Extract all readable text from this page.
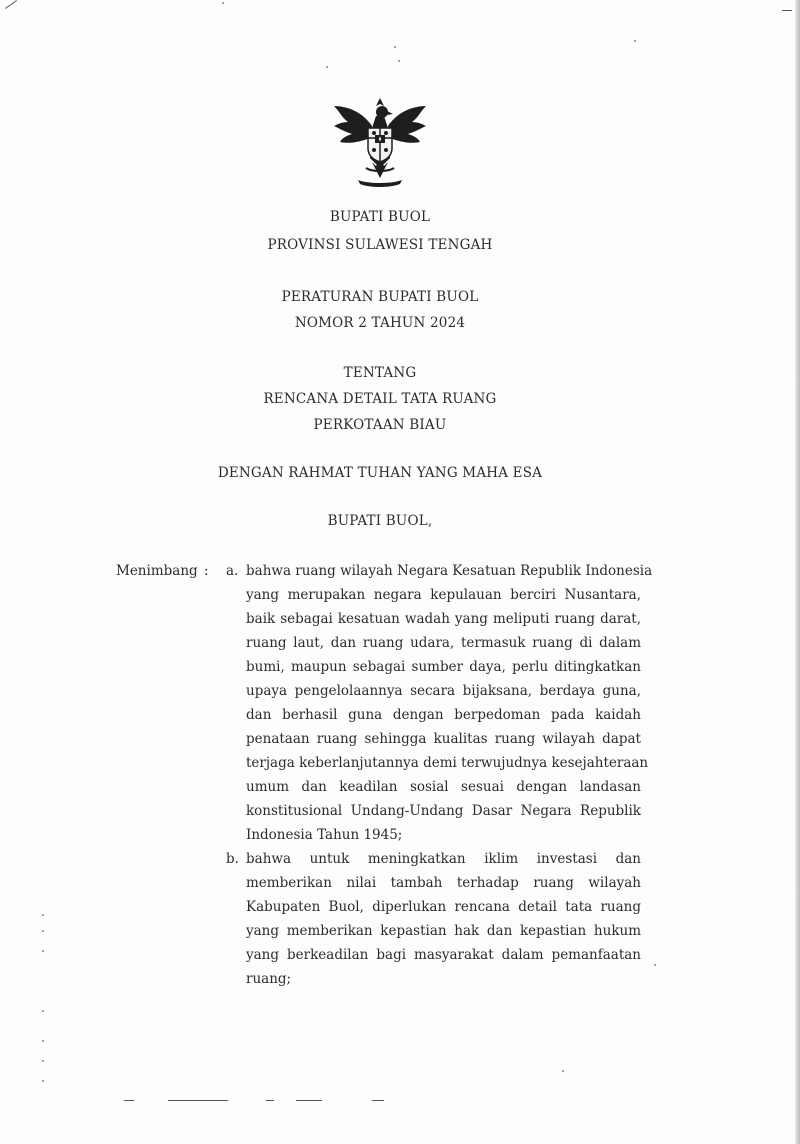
BUPATI BUOL
PROVINSI SULAWESI TENGAH
PERATURAN BUPATI BUOL
NOMOR 2 TAHUN 2024
TENTANG
RENCANA DETAIL TATA RUANG
PERKOTAAN BIAU
DENGAN RAHMAT TUHAN YANG MAHA ESA
BUPATI BUOL,
Menimbang : a. bahwa ruang wilayah Negara Kesatuan Republik Indonesia
yang merupakan negara kepulauan berciri Nusantara,
baik sebagai kesatuan wadah yang meliputi ruang darat,
ruang laut, dan ruang udara, termasuk ruang di dalam
bumi, maupun sebagai sumber daya, perlu ditingkatkan
upaya pengelolaannya secara bijaksana, berdaya guna,
dan berhasil guna dengan berpedoman pada kaidah
penataan ruang sehingga kualitas ruang wilayah dapat
terjaga keberlanjutannya demi terwujudnya kesejahteraan
umum dan keadilan sosial sesuai dengan landasan
konstitusional Undang-Undang Dasar Negara Republik
Indonesia Tahun 1945;
b. bahwa untuk meningkatkan iklim investasi dan
memberikan nilai tambah terhadap ruang wilayah
Kabupaten Buol, diperlukan rencana detail tata ruang
yang memberikan kepastian hak dan kepastian hukum
yang berkeadilan bagi masyarakat dalam pemanfaatan
ruang;
